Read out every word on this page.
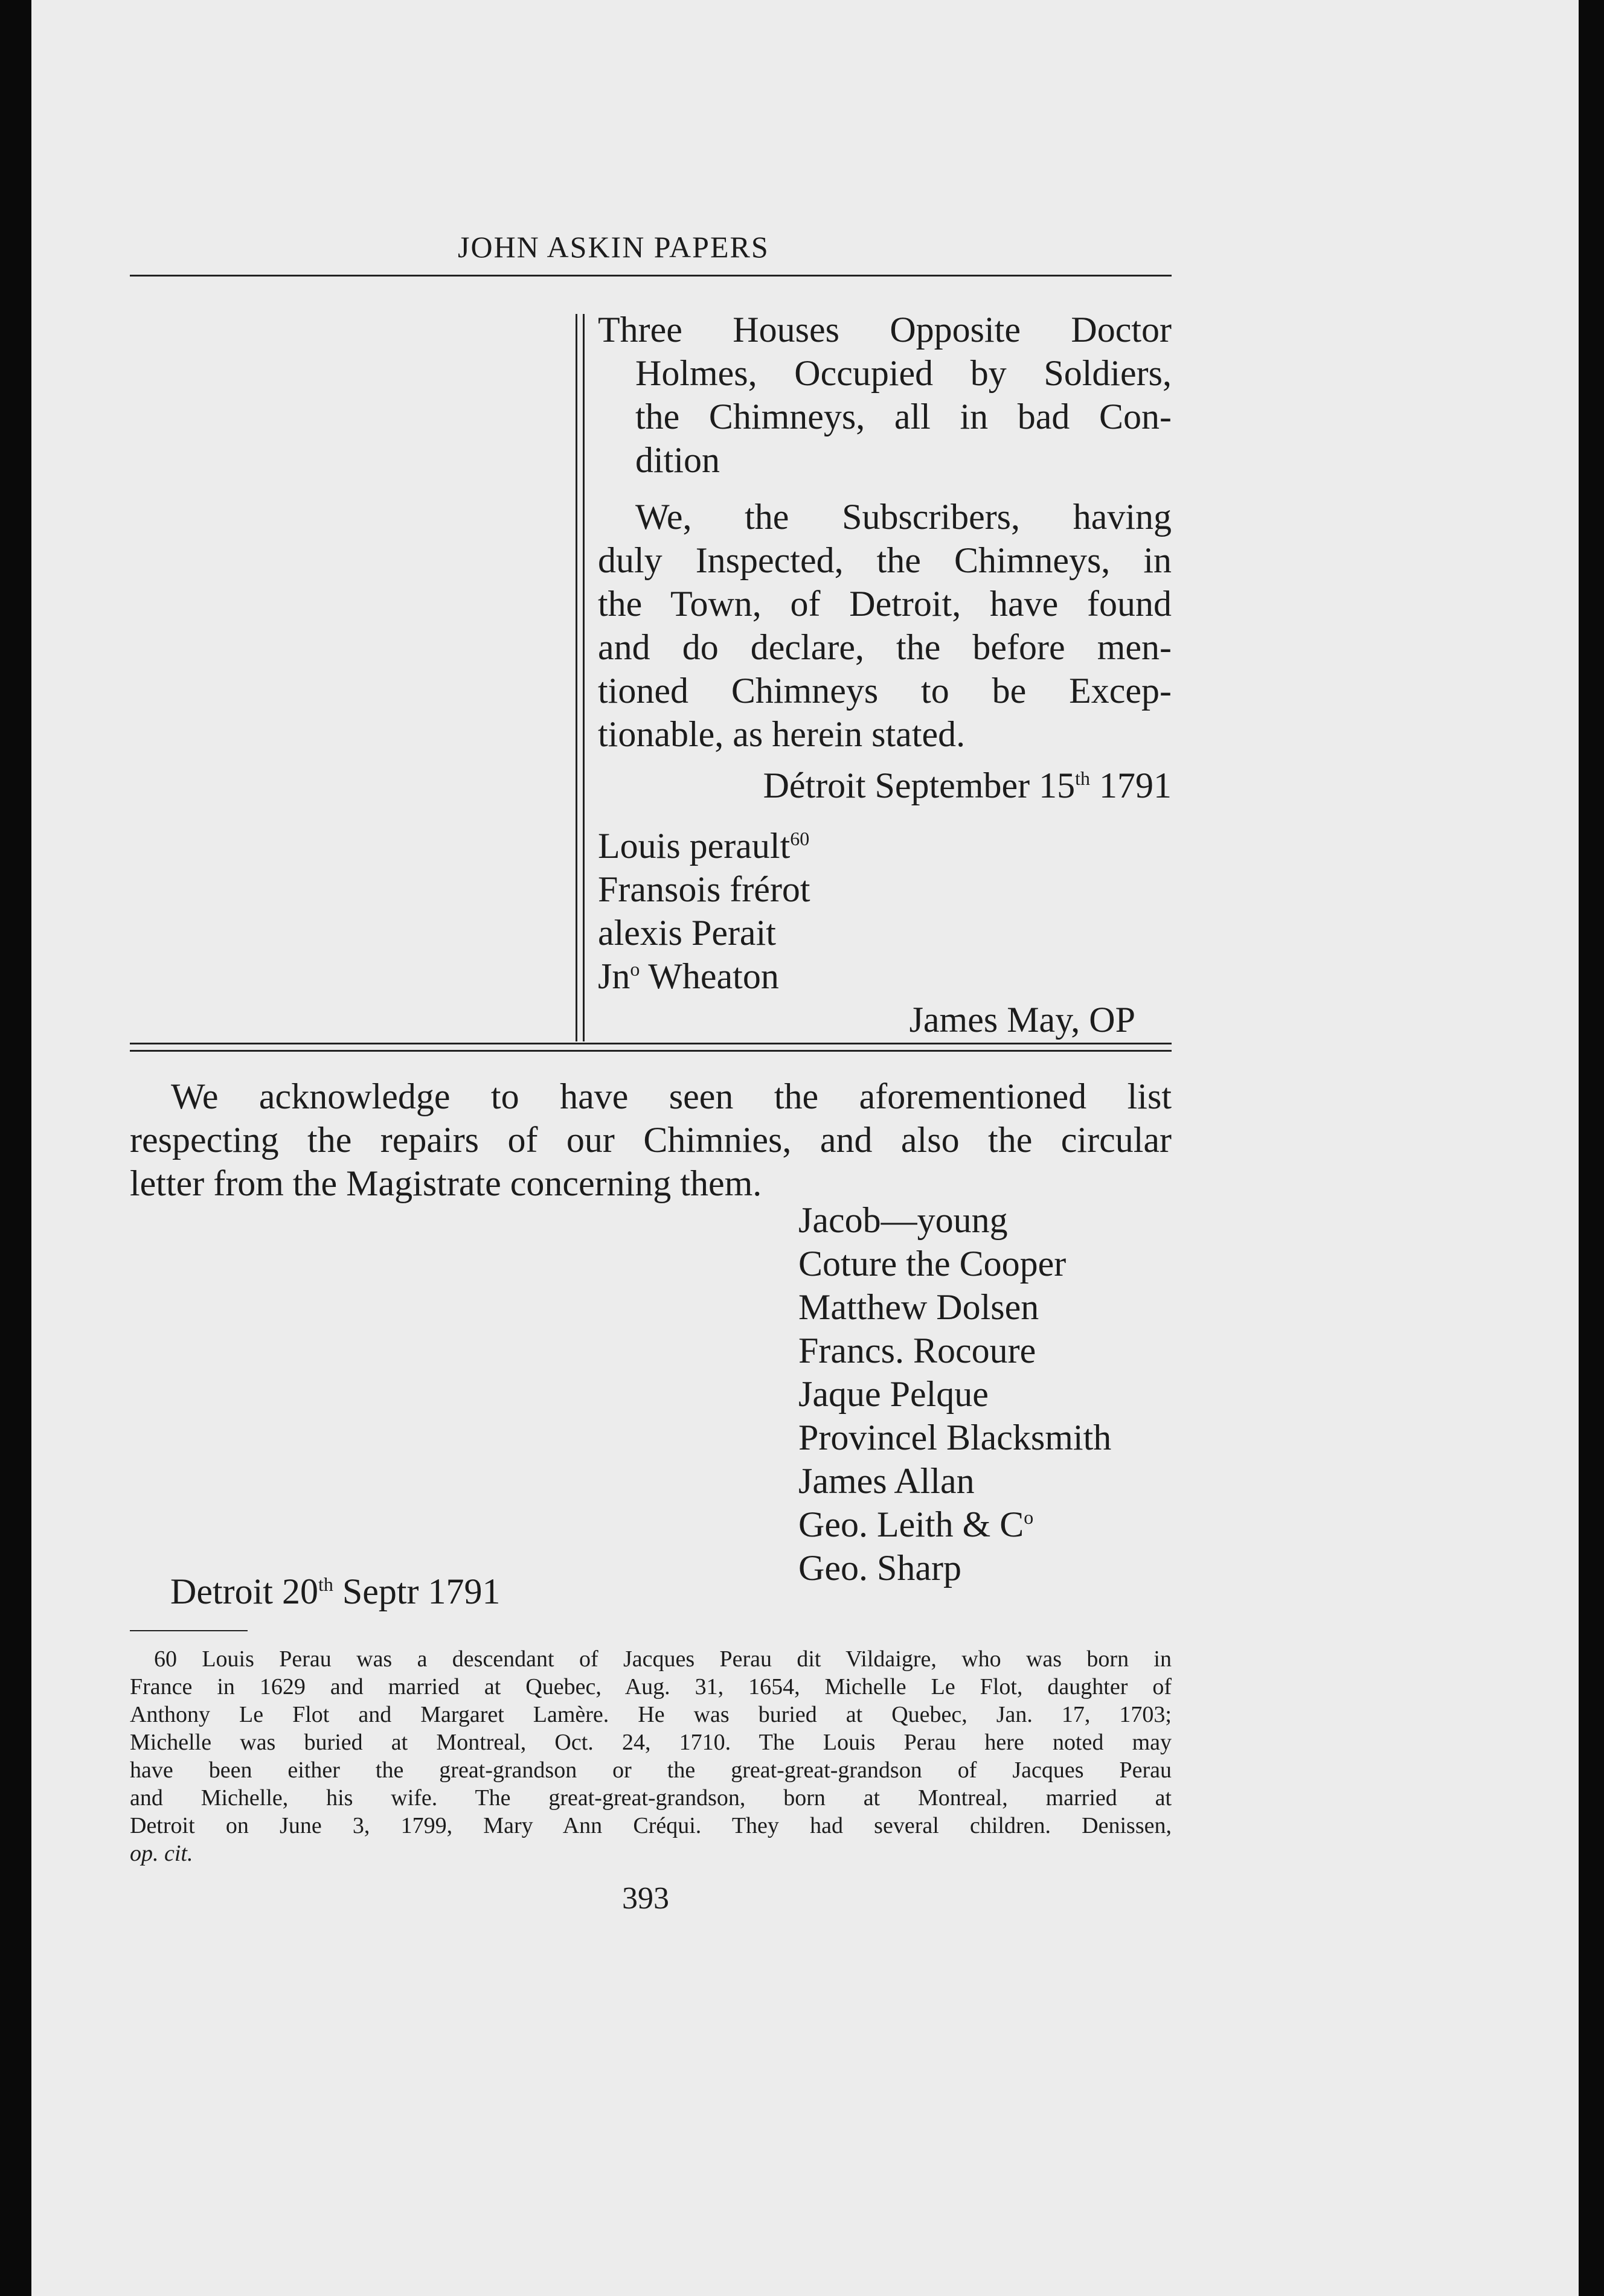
JOHN ASKIN PAPERS
Three Houses Opposite Doctor
Holmes, Occupied by Soldiers,
the Chimneys, all in bad Con-
dition
We, the Subscribers, having
duly Inspected, the Chimneys, in
the Town, of Detroit, have found
and do declare, the before men-
tioned Chimneys to be Excep-
tionable, as herein stated.
Détroit September 15th 1791
Louis perault$^{60}$
Fransois frérot
alexis Perait
Jn$^o$ Wheaton
James May, OP
We acknowledge to have seen the aforementioned list
respecting the repairs of our Chimnies, and also the circular
letter from the Magistrate concerning them.
Jacob—young
Coture the Cooper
Matthew Dolsen
Francs. Rocoure
Jaque Pelque
Provincel Blacksmith
James Allan
Geo. Leith & $C^o$
Geo. Sharp
Detroit 20th Septr 1791
60 Louis Perau was a descendant of Jacques Perau dit Vildaigre, who was born in
France in 1629 and married at Quebec, Aug. 31, 1654, Michelle Le Flot, daughter of
Anthony Le Flot and Margaret Lamère. He was buried at Quebec, Jan. 17, 1703;
Michelle was buried at Montreal, Oct. 24, 1710. The Louis Perau here noted may
have been either the great-grandson or the great-great-grandson of Jacques Perau
and Michelle, his wife. The great-great-grandson, born at Montreal, married at
Detroit on June 3, 1799, Mary Ann Créqui. They had several children. Denissen,
op. cit.
393
